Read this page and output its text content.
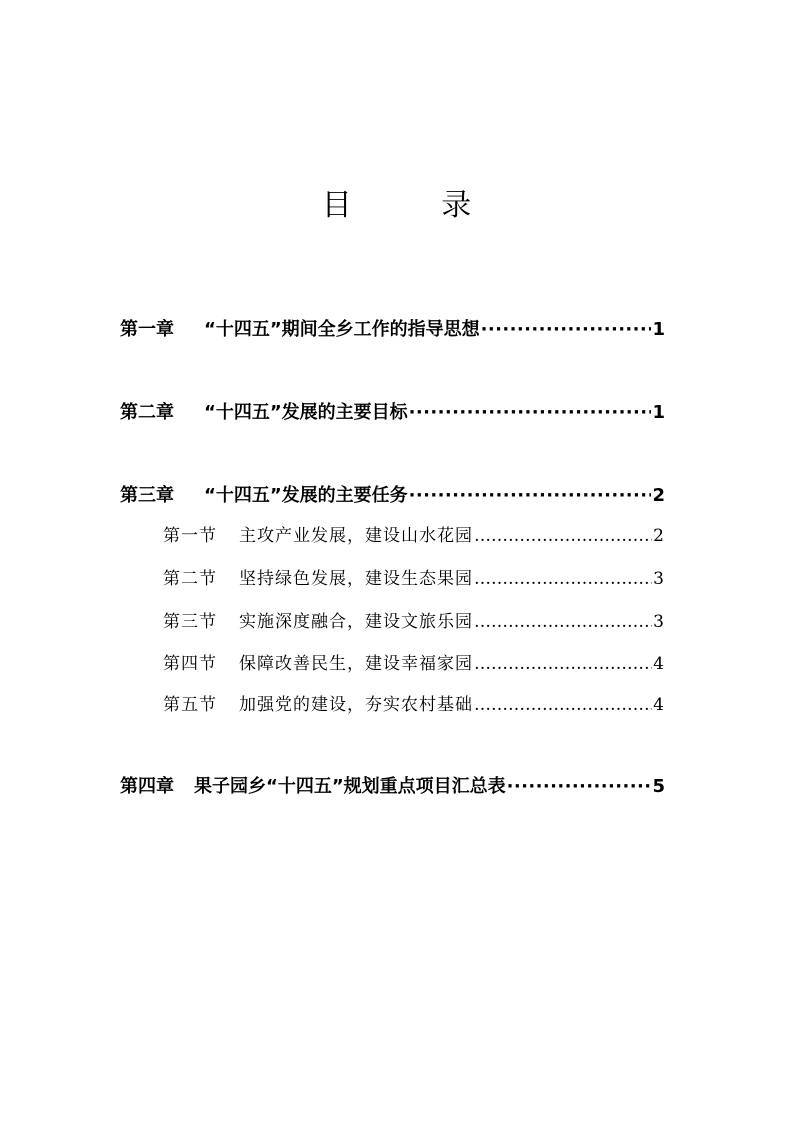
目 录
第一章 “十四五”期间全乡工作的指导思想 ·····	1
第二章 “十四五”发展的主要目标 ·····	1
第三章 “十四五”发展的主要任务 ·····	2
第一节 主攻产业发展，建设山水花园 …………………………………………………………………………………………………………………………………………	2
第二节 坚持绿色发展，建设生态果园 …………………………………………………………………………………………………………………………………………	3
第三节 实施深度融合，建设文旅乐园 …………………………………………………………………………………………………………………………………………	3
第四节 保障改善民生，建设幸福家园 …………………………………………………………………………………………………………………………………………	4
第五节 加强党的建设，夯实农村基础 …………………………………………………………………………………………………………………………………………	4
第四章 果子园乡“十四五”规划重点项目汇总表 ·····	5
